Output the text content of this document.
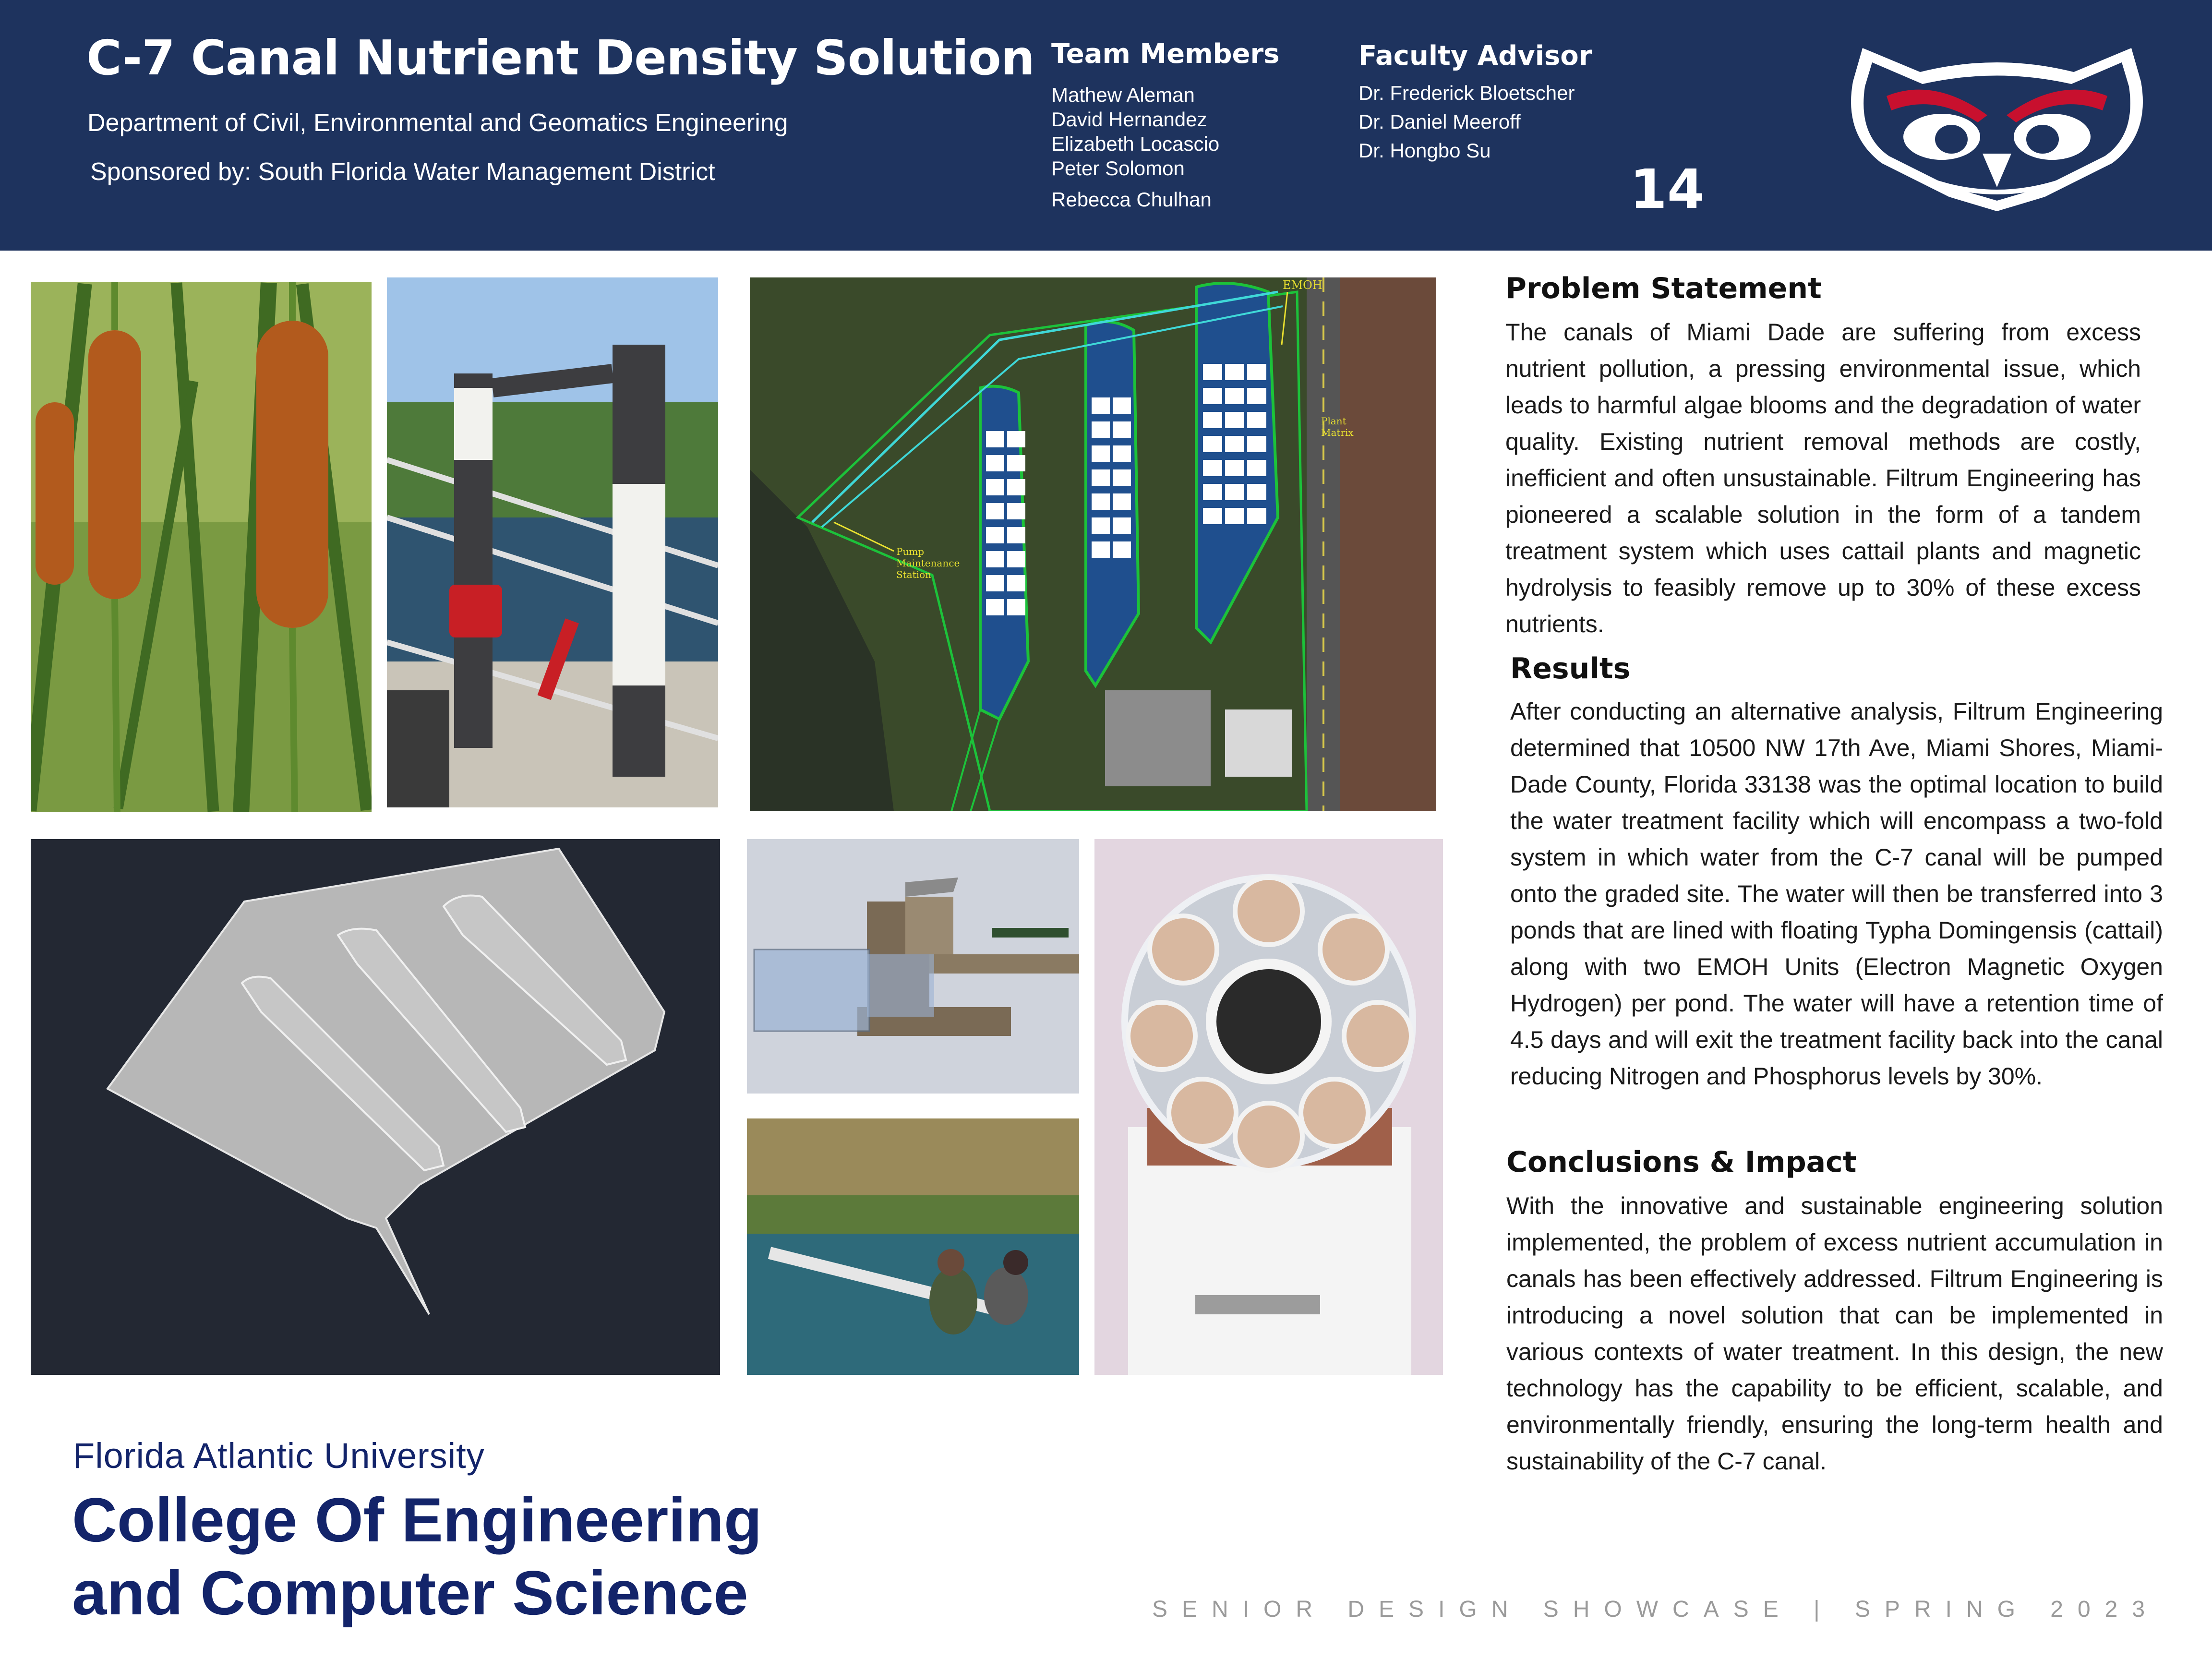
C-7 Canal Nutrient Density Solution
Department of Civil, Environmental and Geomatics Engineering
Sponsored by: South Florida Water Management District
Team Members
Mathew Aleman
David Hernandez
Elizabeth Locascio
Peter Solomon
Rebecca Chulhan
Faculty Advisor
Dr. Frederick Bloetscher
Dr. Daniel Meeroff
Dr. Hongbo Su
14
EMOH
Plant
Matrix
Pump
Maintenance
Station
Problem Statement
The canals of Miami Dade are suffering from excess nutrient pollution, a pressing environmental issue, which leads to harmful algae blooms and the degradation of water quality. Existing nutrient removal methods are costly, inefficient and often unsustainable. Filtrum Engineering has pioneered a scalable solution in the form of a tandem treatment system which uses cattail plants and magnetic hydrolysis to feasibly remove up to 30% of these excess nutrients.
Results
After conducting an alternative analysis, Filtrum Engineering determined that 10500 NW 17th Ave, Miami Shores, Miami-Dade County, Florida 33138 was the optimal location to build the water treatment facility which will encompass a two-fold system in which water from the C-7 canal will be pumped onto the graded site. The water will then be transferred into 3 ponds that are lined with floating Typha Domingensis (cattail) along with two EMOH Units (Electron Magnetic Oxygen Hydrogen) per pond. The water will have a retention time of 4.5 days and will exit the treatment facility back into the canal reducing Nitrogen and Phosphorus levels by 30%.
Conclusions & Impact
With the innovative and sustainable engineering solution implemented, the problem of excess nutrient accumulation in canals has been effectively addressed. Filtrum Engineering is introducing a novel solution that can be implemented in various contexts of water treatment. In this design, the new technology has the capability to be efficient, scalable, and environmentally friendly, ensuring the long-term health and sustainability of the C-7 canal.
Florida Atlantic University
College Of Engineering
and Computer Science	SENIOR DESIGN SHOWCASE | SPRING 2023
